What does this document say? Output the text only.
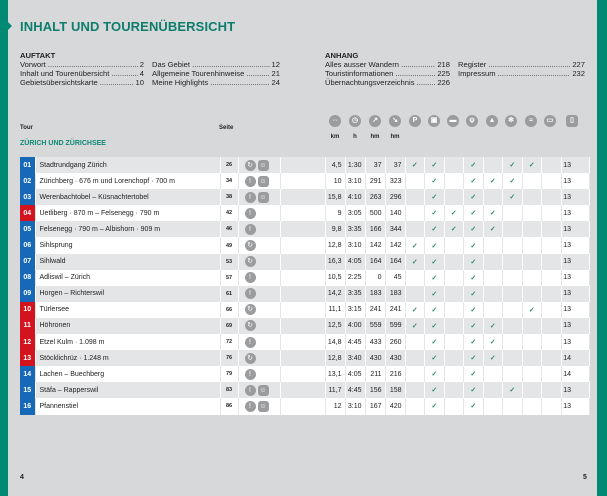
INHALT UND TOURENÜBERSICHT
AUFTAKT
Vorwort .....	2
Inhalt und Tourenübersicht .....	4
Gebietsübersichtskarte .....	10
Das Gebiet .....	12
Allgemeine Tourenhinweise .....	21
Meine Highlights .....	24
ANHANG
Alles ausser Wandern .....	218
Touristinformationen .....	225
Übernachtungsverzeichnis .....	226
Register .....	227
Impressum .....	232
Tour	Seite
⇔	◷	↗	↘	P	▣	▬	ψ	▲	✻	≈	▭	▯
km	h	hm	hm
ZÜRICH UND ZÜRICHSEE
01	Stadtrundgang Zürich	26	↻ ☺		4,5	1:30	37	37	✓	✓		✓		✓	✓		13
02	Zürichberg · 676 m und Lorenchopf · 700 m	34	! ☺		10	3:10	291	323		✓		✓	✓	✓			13
03	Werenbachtobel – Küsnachtertobel	38	! ☺		15,8	4:10	263	296		✓		✓		✓			13
04	Uetliberg · 870 m – Felsenegg · 790 m	42	!		9	3:05	500	140		✓	✓	✓	✓				13
05	Felsenegg · 790 m – Albishorn · 909 m	46	!		9,8	3:35	166	344		✓	✓	✓	✓				13
06	Sihlsprung	49	↻		12,8	3:10	142	142	✓	✓		✓					13
07	Sihlwald	53	↻		16,3	4:05	164	164	✓	✓		✓					13
08	Adliswil – Zürich	57	!		10,5	2:25	0	45		✓		✓					13
09	Horgen – Richterswil	61	!		14,2	3:35	183	183		✓		✓					13
10	Türlersee	66	↻		11,1	3:15	241	241	✓	✓		✓			✓		13
11	Höhronen	69	↻		12,5	4:00	559	599	✓	✓		✓	✓				13
12	Etzel Kulm · 1.098 m	72	!		14,8	4:45	433	260		✓		✓	✓				13
13	Stöcklichrüz · 1.248 m	76	↻		12,8	3:40	430	430		✓		✓	✓				14
14	Lachen – Buechberg	79	!		13,1	4:05	211	216		✓		✓					14
15	Stäfa – Rapperswil	83	! ☺		11,7	4:45	156	158		✓		✓		✓			13
16	Pfannenstiel	86	! ☺		12	3:10	167	420		✓		✓					13
4	5
